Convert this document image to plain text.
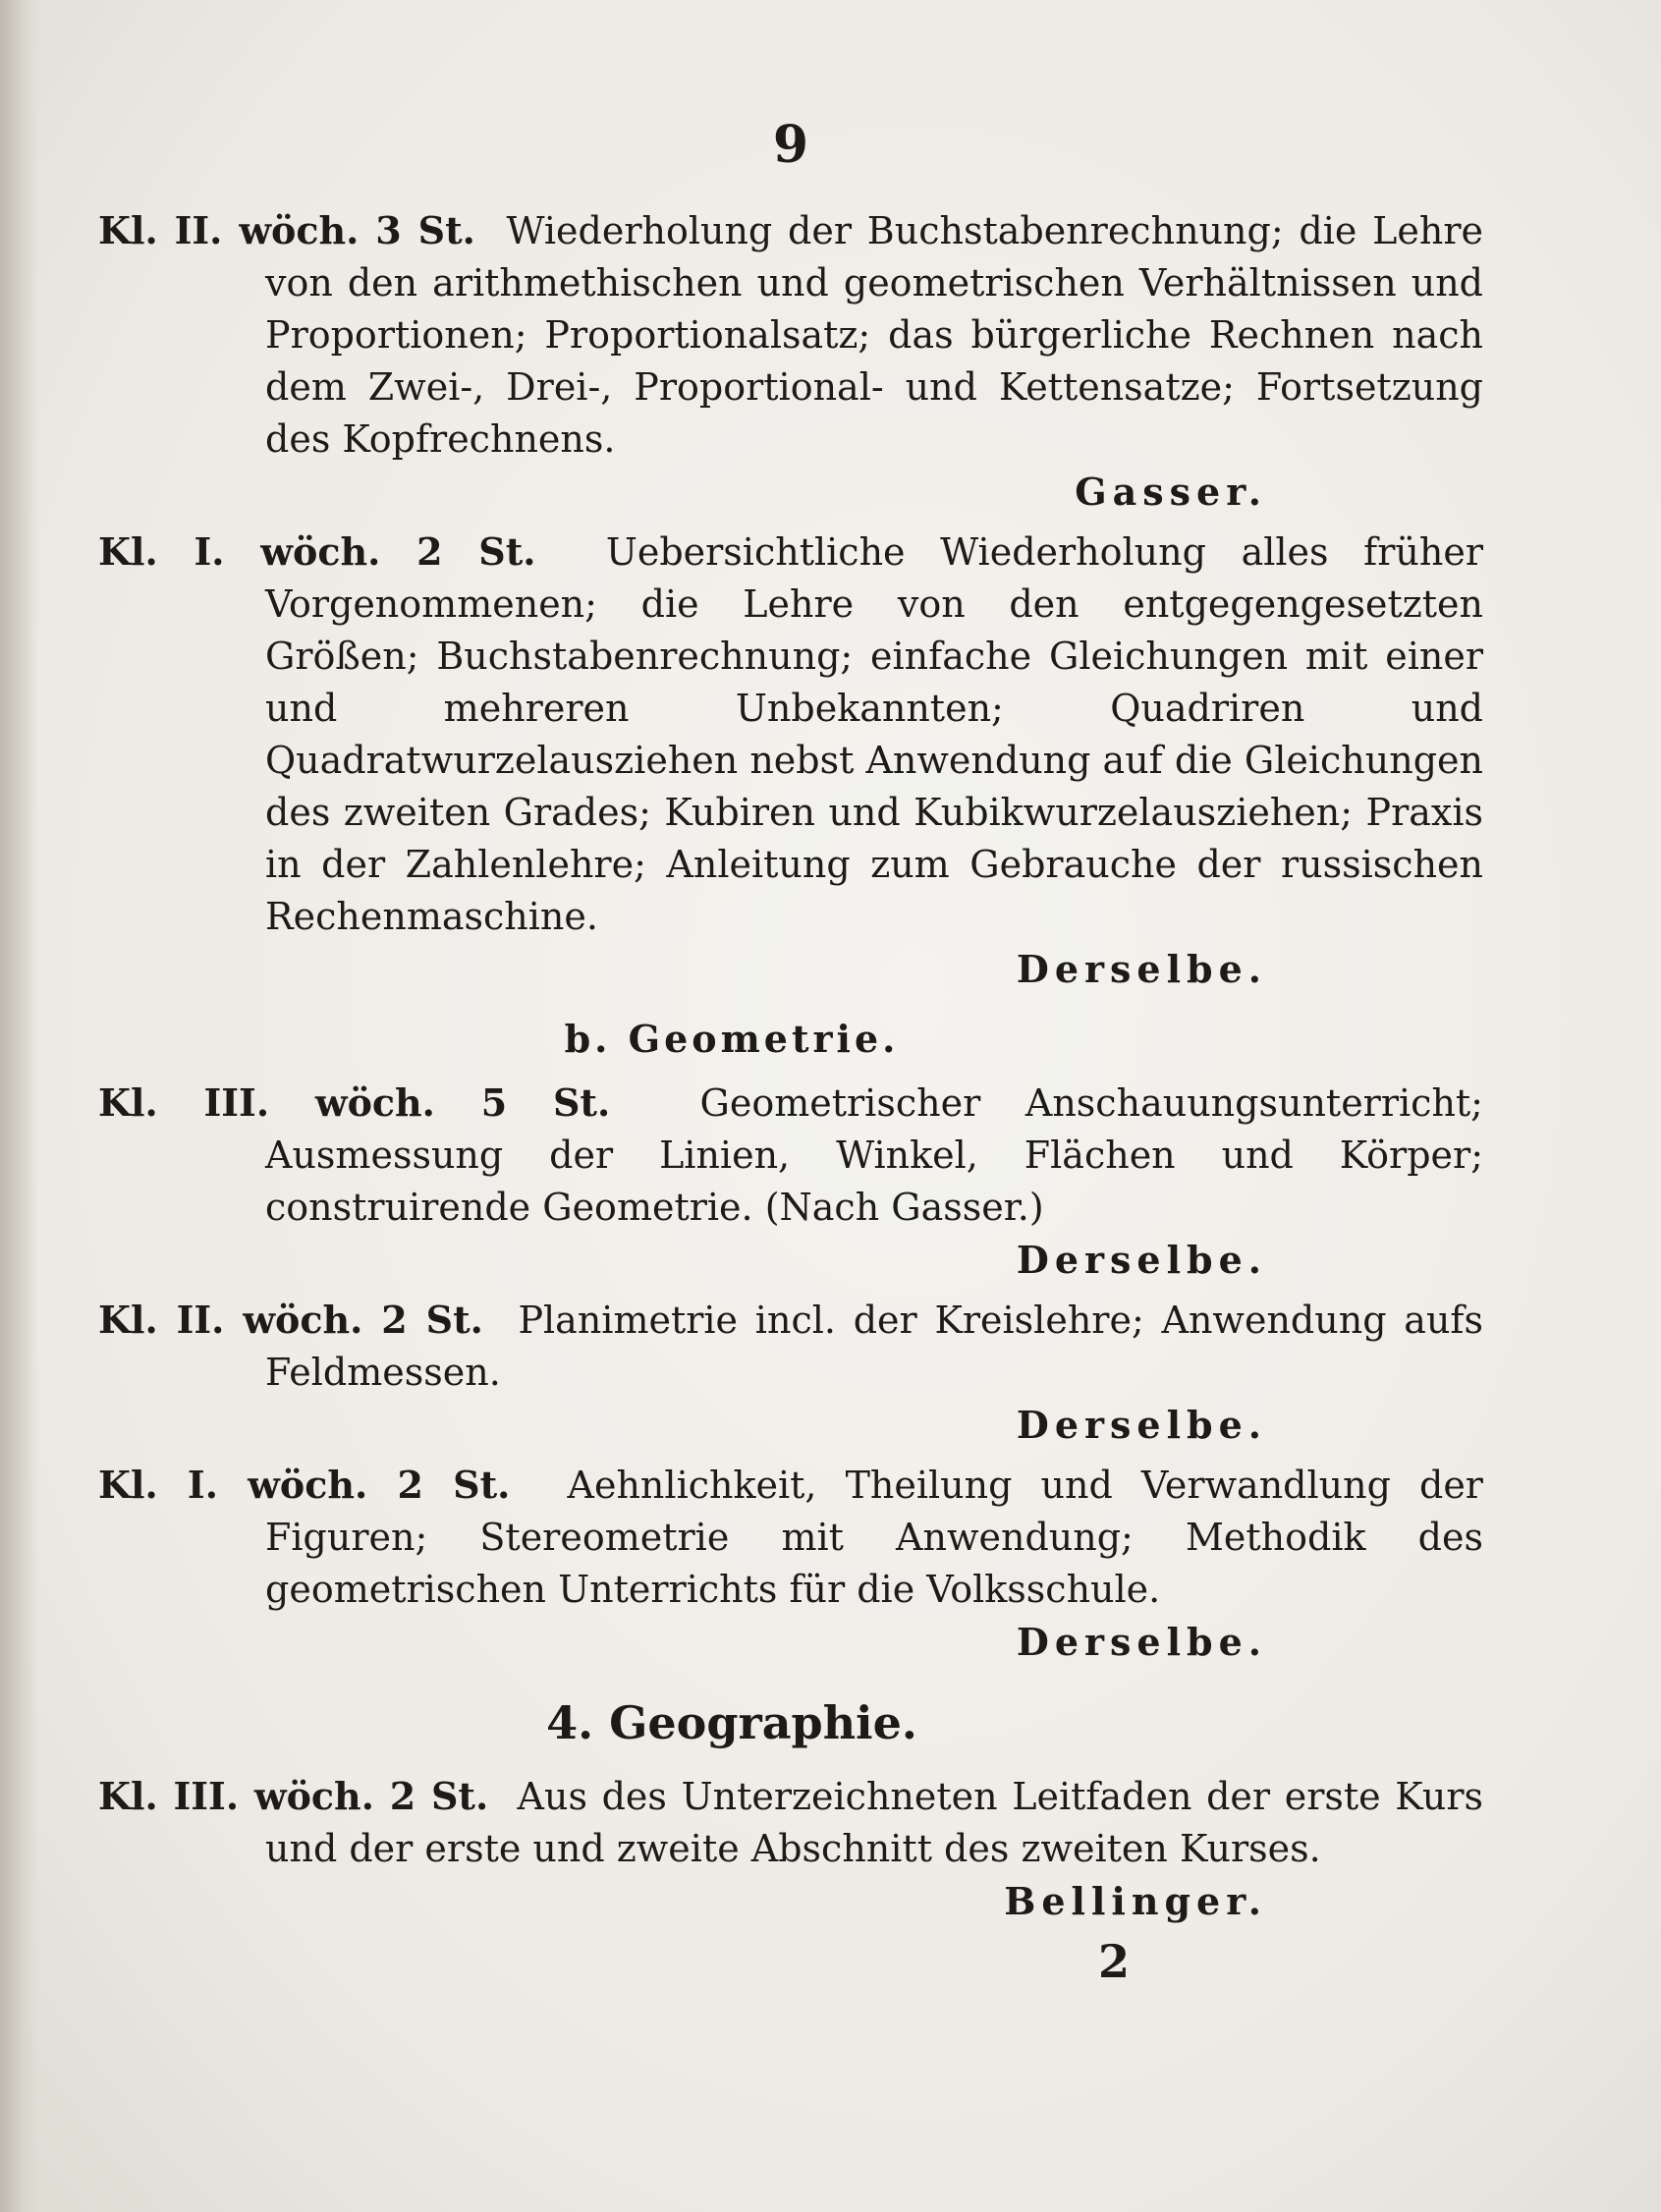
9

Kl. II. wöch. 3 St. Wiederholung der Buchstabenrechnung; die Lehre von den arithmethischen und geometrischen Verhältnissen und Proportionen; Proportionalsatz; das bürgerliche Rechnen nach dem Zwei-, Drei-, Proportional- und Kettensatze; Fortsetzung des Kopfrechnens.

Gasser.

Kl. I. wöch. 2 St. Uebersichtliche Wiederholung alles früher Vorgenommenen; die Lehre von den entgegengesetzten Größen; Buchstabenrechnung; einfache Gleichungen mit einer und mehreren Unbekannten; Quadriren und Quadratwurzelausziehen nebst Anwendung auf die Gleichungen des zweiten Grades; Kubiren und Kubikwurzelausziehen; Praxis in der Zahlenlehre; Anleitung zum Gebrauche der russischen Rechenmaschine.

Derselbe.
b. Geometrie.

Kl. III. wöch. 5 St. Geometrischer Anschauungsunterricht; Ausmessung der Linien, Winkel, Flächen und Körper; construirende Geometrie. (Nach Gasser.)

Derselbe.

Kl. II. wöch. 2 St. Planimetrie incl. der Kreislehre; Anwendung aufs Feldmessen.

Derselbe.

Kl. I. wöch. 2 St. Aehnlichkeit, Theilung und Verwandlung der Figuren; Stereometrie mit Anwendung; Methodik des geometrischen Unterrichts für die Volksschule.

Derselbe.
4. Geographie.

Kl. III. wöch. 2 St. Aus des Unterzeichneten Leitfaden der erste Kurs und der erste und zweite Abschnitt des zweiten Kurses.

Bellinger.
2
